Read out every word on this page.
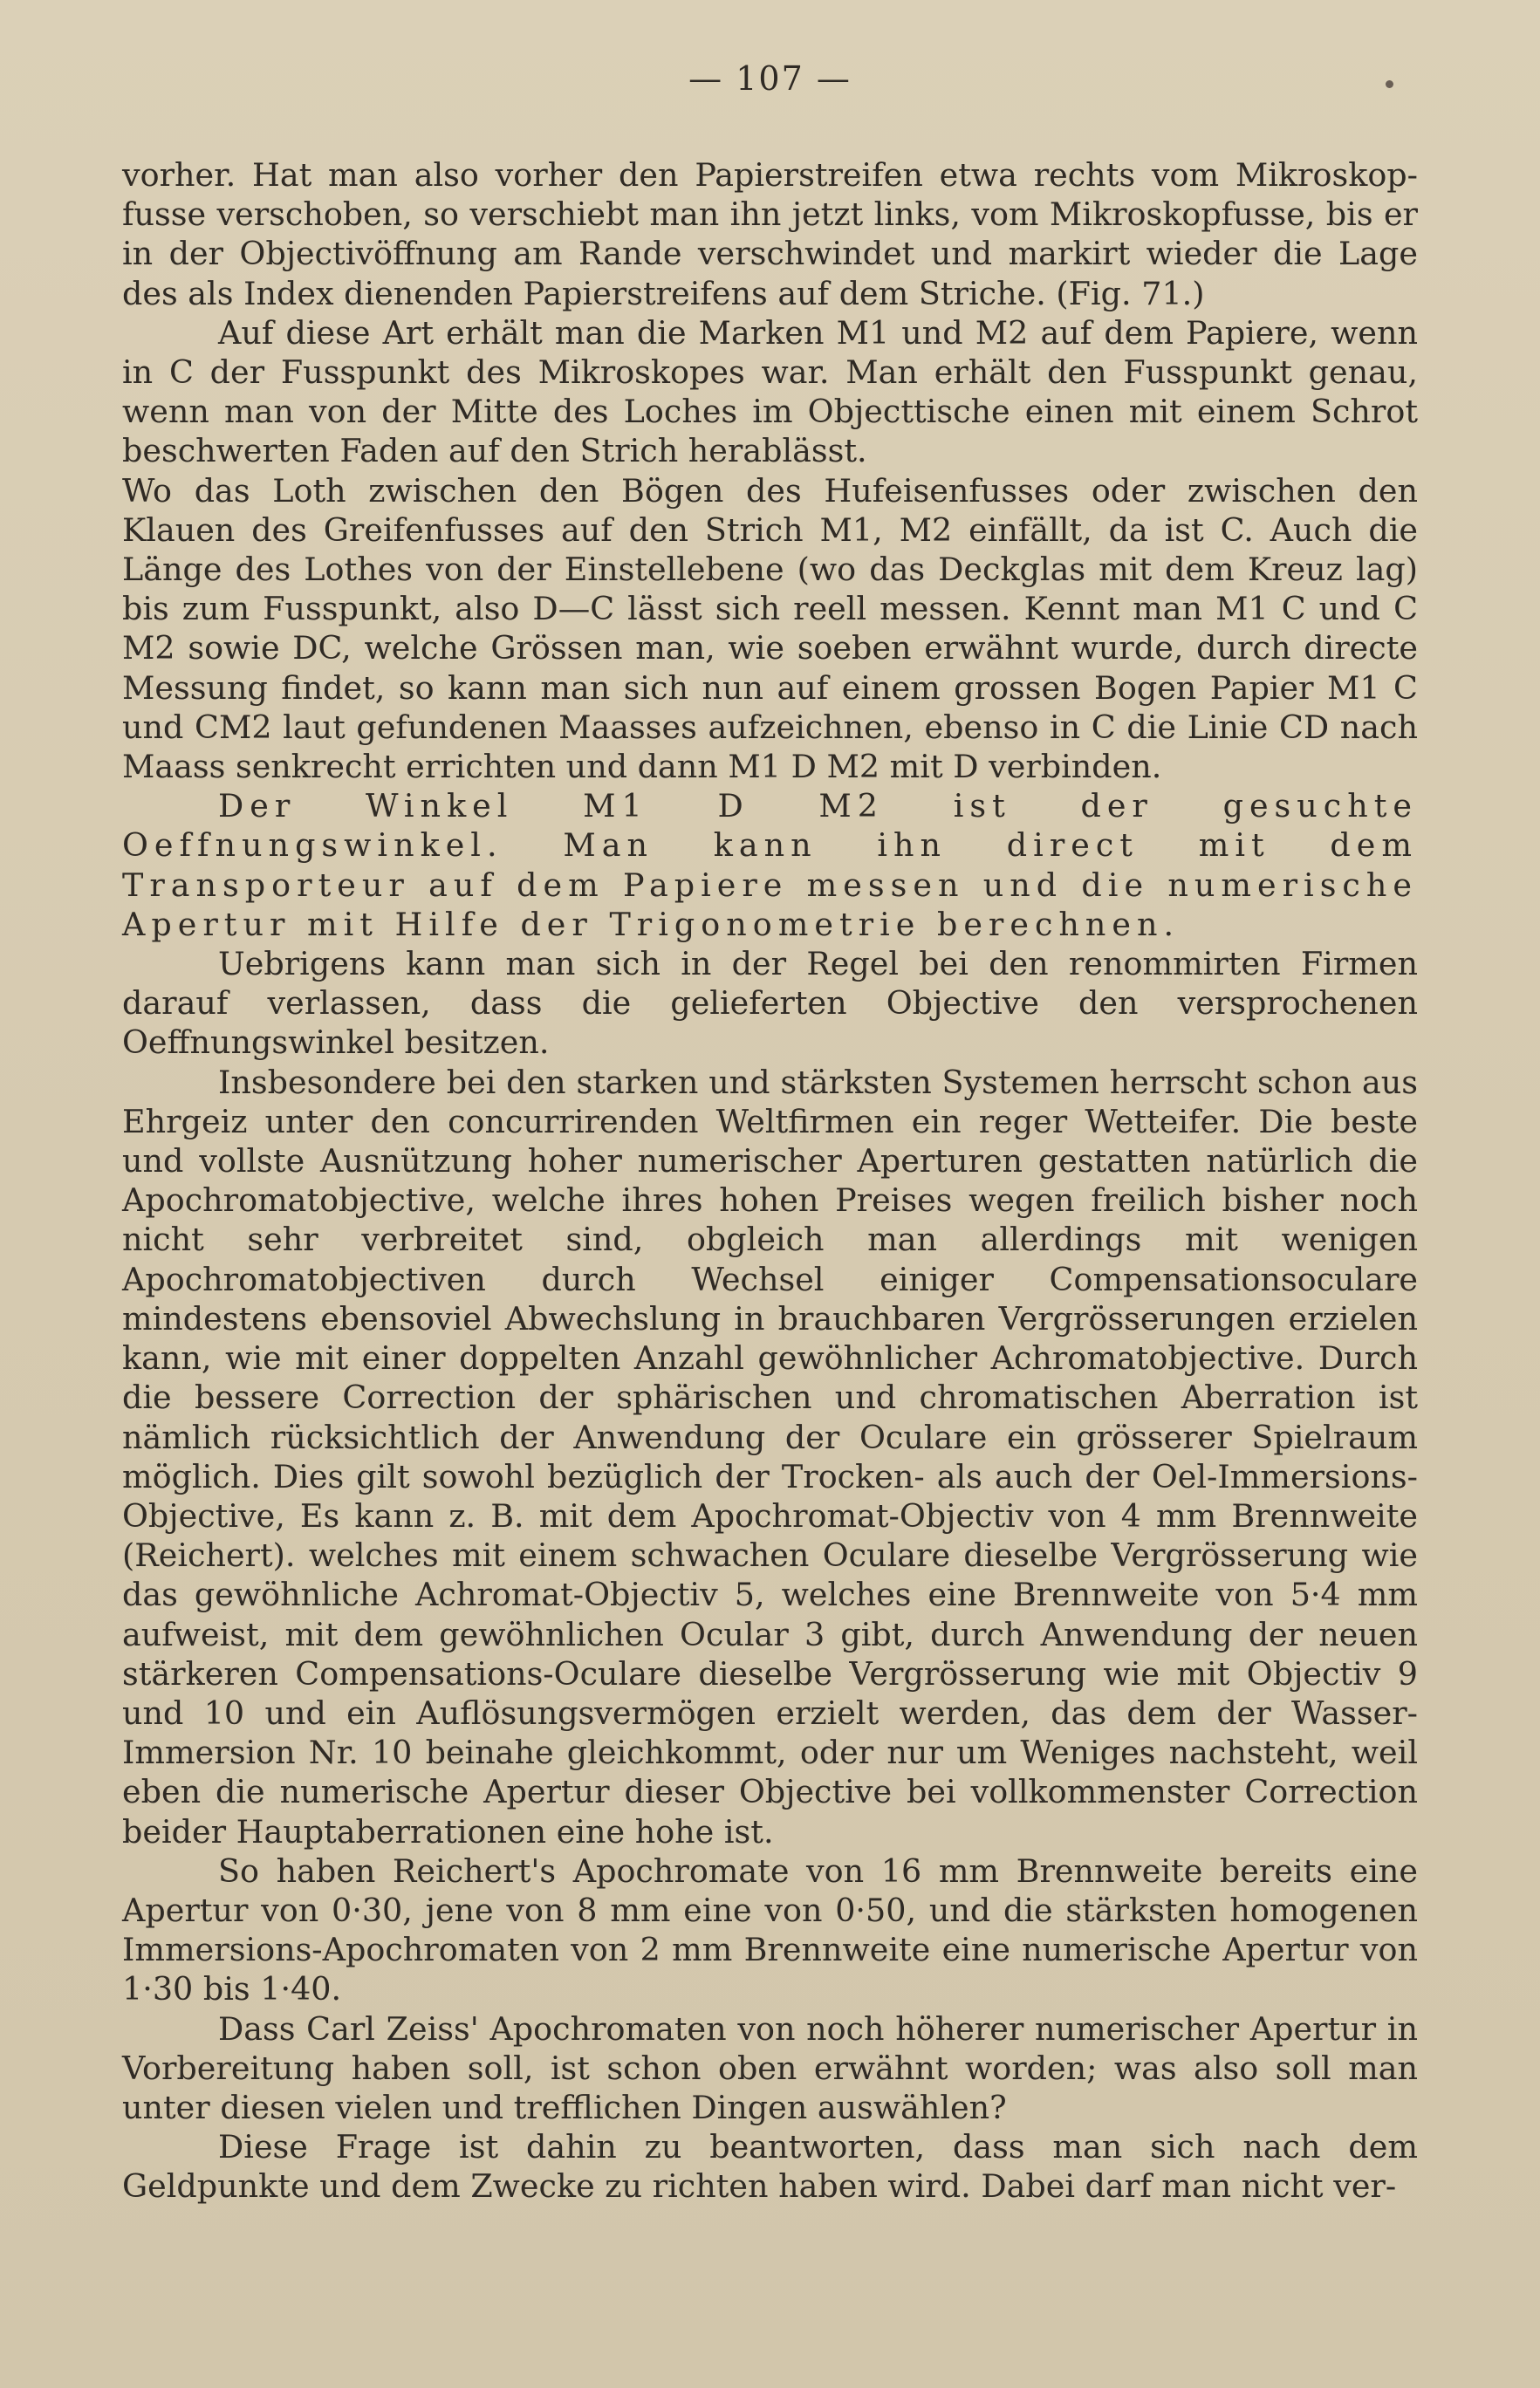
— 107 —

vorher. Hat man also vorher den Papierstreifen etwa rechts vom Mikroskop-fusse verschoben, so verschiebt man ihn jetzt links, vom Mikroskopfusse, bis er in der Objectivöffnung am Rande verschwindet und markirt wieder die Lage des als Index dienenden Papierstreifens auf dem Striche. (Fig. 71.)

Auf diese Art erhält man die Marken M1 und M2 auf dem Papiere, wenn in C der Fusspunkt des Mikroskopes war. Man erhält den Fusspunkt genau, wenn man von der Mitte des Loches im Objecttische einen mit einem Schrot beschwerten Faden auf den Strich herablässt.

Wo das Loth zwischen den Bögen des Hufeisenfusses oder zwischen den Klauen des Greifenfusses auf den Strich M1, M2 einfällt, da ist C. Auch die Länge des Lothes von der Einstellebene (wo das Deckglas mit dem Kreuz lag) bis zum Fusspunkt, also D—C lässt sich reell messen. Kennt man M1 C und C M2 sowie DC, welche Grössen man, wie soeben erwähnt wurde, durch directe Messung findet, so kann man sich nun auf einem grossen Bogen Papier M1 C und CM2 laut gefundenen Maasses aufzeichnen, ebenso in C die Linie CD nach Maass senkrecht errichten und dann M1 D M2 mit D verbinden.

Der Winkel M1 D M2 ist der gesuchte Oeffnungswinkel. Man kann ihn direct mit dem Transporteur auf dem Papiere messen und die numerische Apertur mit Hilfe der Trigonometrie berechnen.

Uebrigens kann man sich in der Regel bei den renommirten Firmen darauf verlassen, dass die gelieferten Objective den versprochenen Oeffnungswinkel besitzen.

Insbesondere bei den starken und stärksten Systemen herrscht schon aus Ehrgeiz unter den concurrirenden Weltfirmen ein reger Wetteifer. Die beste und vollste Ausnützung hoher numerischer Aperturen gestatten natürlich die Apochromatobjective, welche ihres hohen Preises wegen freilich bisher noch nicht sehr verbreitet sind, obgleich man allerdings mit wenigen Apochromatobjectiven durch Wechsel einiger Compensationsoculare mindestens ebensoviel Abwechslung in brauchbaren Vergrösserungen erzielen kann, wie mit einer doppelten Anzahl gewöhnlicher Achromatobjective. Durch die bessere Correction der sphärischen und chromatischen Aberration ist nämlich rücksichtlich der Anwendung der Oculare ein grösserer Spielraum möglich. Dies gilt sowohl bezüglich der Trocken- als auch der Oel-Immersions-Objective, Es kann z. B. mit dem Apochromat-Objectiv von 4 mm Brennweite (Reichert). welches mit einem schwachen Oculare dieselbe Vergrösserung wie das gewöhnliche Achromat-Objectiv 5, welches eine Brennweite von 5·4 mm aufweist, mit dem gewöhnlichen Ocular 3 gibt, durch Anwendung der neuen stärkeren Compensations-Oculare dieselbe Vergrösserung wie mit Objectiv 9 und 10 und ein Auflösungsvermögen erzielt werden, das dem der Wasser-Immersion Nr. 10 beinahe gleichkommt, oder nur um Weniges nachsteht, weil eben die numerische Apertur dieser Objective bei vollkommenster Correction beider Hauptaberrationen eine hohe ist.

So haben Reichert's Apochromate von 16 mm Brennweite bereits eine Apertur von 0·30, jene von 8 mm eine von 0·50, und die stärksten homogenen Immersions-Apochromaten von 2 mm Brennweite eine numerische Apertur von 1·30 bis 1·40.

Dass Carl Zeiss' Apochromaten von noch höherer numerischer Apertur in Vorbereitung haben soll, ist schon oben erwähnt worden; was also soll man unter diesen vielen und trefflichen Dingen auswählen?

Diese Frage ist dahin zu beantworten, dass man sich nach dem Geldpunkte und dem Zwecke zu richten haben wird. Dabei darf man nicht ver-
